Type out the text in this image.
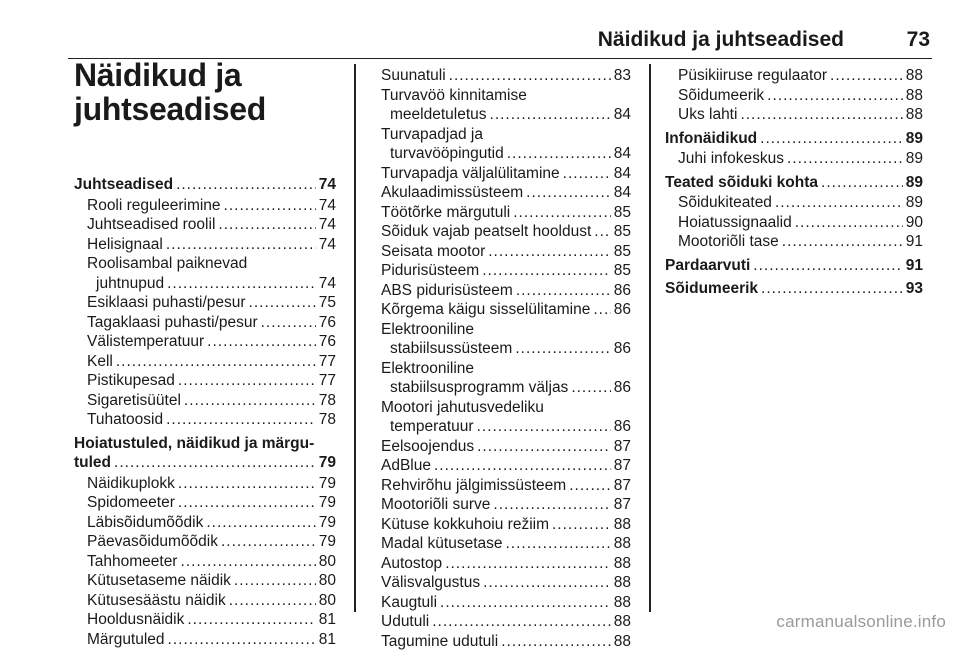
Näidikud ja juhtseadised	73
Näidikud ja
juhtseadised
Juhtseadised .....	74
Rooli reguleerimine .....	74
Juhtseadised roolil .....	74
Helisignaal .....	74
Roolisambal paiknevad
juhtnupud .....	74
Esiklaasi puhasti/pesur .....	75
Tagaklaasi puhasti/pesur .....	76
Välistemperatuur .....	76
Kell .....	77
Pistikupesad .....	77
Sigaretisüütel .....	78
Tuhatoosid .....	78
Hoiatustuled, näidikud ja märgu-
tuled .....	79
Näidikuplokk .....	79
Spidomeeter .....	79
Läbisõidumõõdik .....	79
Päevasõidumõõdik .....	79
Tahhomeeter .....	80
Kütusetaseme näidik .....	80
Kütusesäästu näidik .....	80
Hooldusnäidik .....	81
Märgutuled .....	81
Suunatuli .....	83
Turvavöö kinnitamise
meeldetuletus .....	84
Turvapadjad ja
turvavööpingutid .....	84
Turvapadja väljalülitamine .....	84
Akulaadimissüsteem .....	84
Töötõrke märgutuli .....	85
Sõiduk vajab peatselt hooldust ..... 85
Seisata mootor .....	85
Pidurisüsteem .....	85
ABS pidurisüsteem .....	86
Kõrgema käigu sisselülitamine ..... 86
Elektrooniline
stabiilsussüsteem .....	86
Elektrooniline
stabiilsusprogramm väljas .....	86
Mootori jahutusvedeliku
temperatuur .....	86
Eelsoojendus .....	87
AdBlue .....	87
Rehvirõhu jälgimissüsteem .....	87
Mootoriõli surve .....	87
Kütuse kokkuhoiu režiim .....	88
Madal kütusetase .....	88
Autostop .....	88
Välisvalgustus .....	88
Kaugtuli .....	88
Udutuli .....	88
Tagumine udutuli .....	88
Püsikiiruse regulaator .....	88
Sõidumeerik .....	88
Uks lahti .....	88
Infonäidikud .....	89
Juhi infokeskus .....	89
Teated sõiduki kohta .....	89
Sõidukiteated .....	89
Hoiatussignaalid .....	90
Mootoriõli tase .....	91
Pardaarvuti .....	91
Sõidumeerik .....	93
carmanualsonline.info
